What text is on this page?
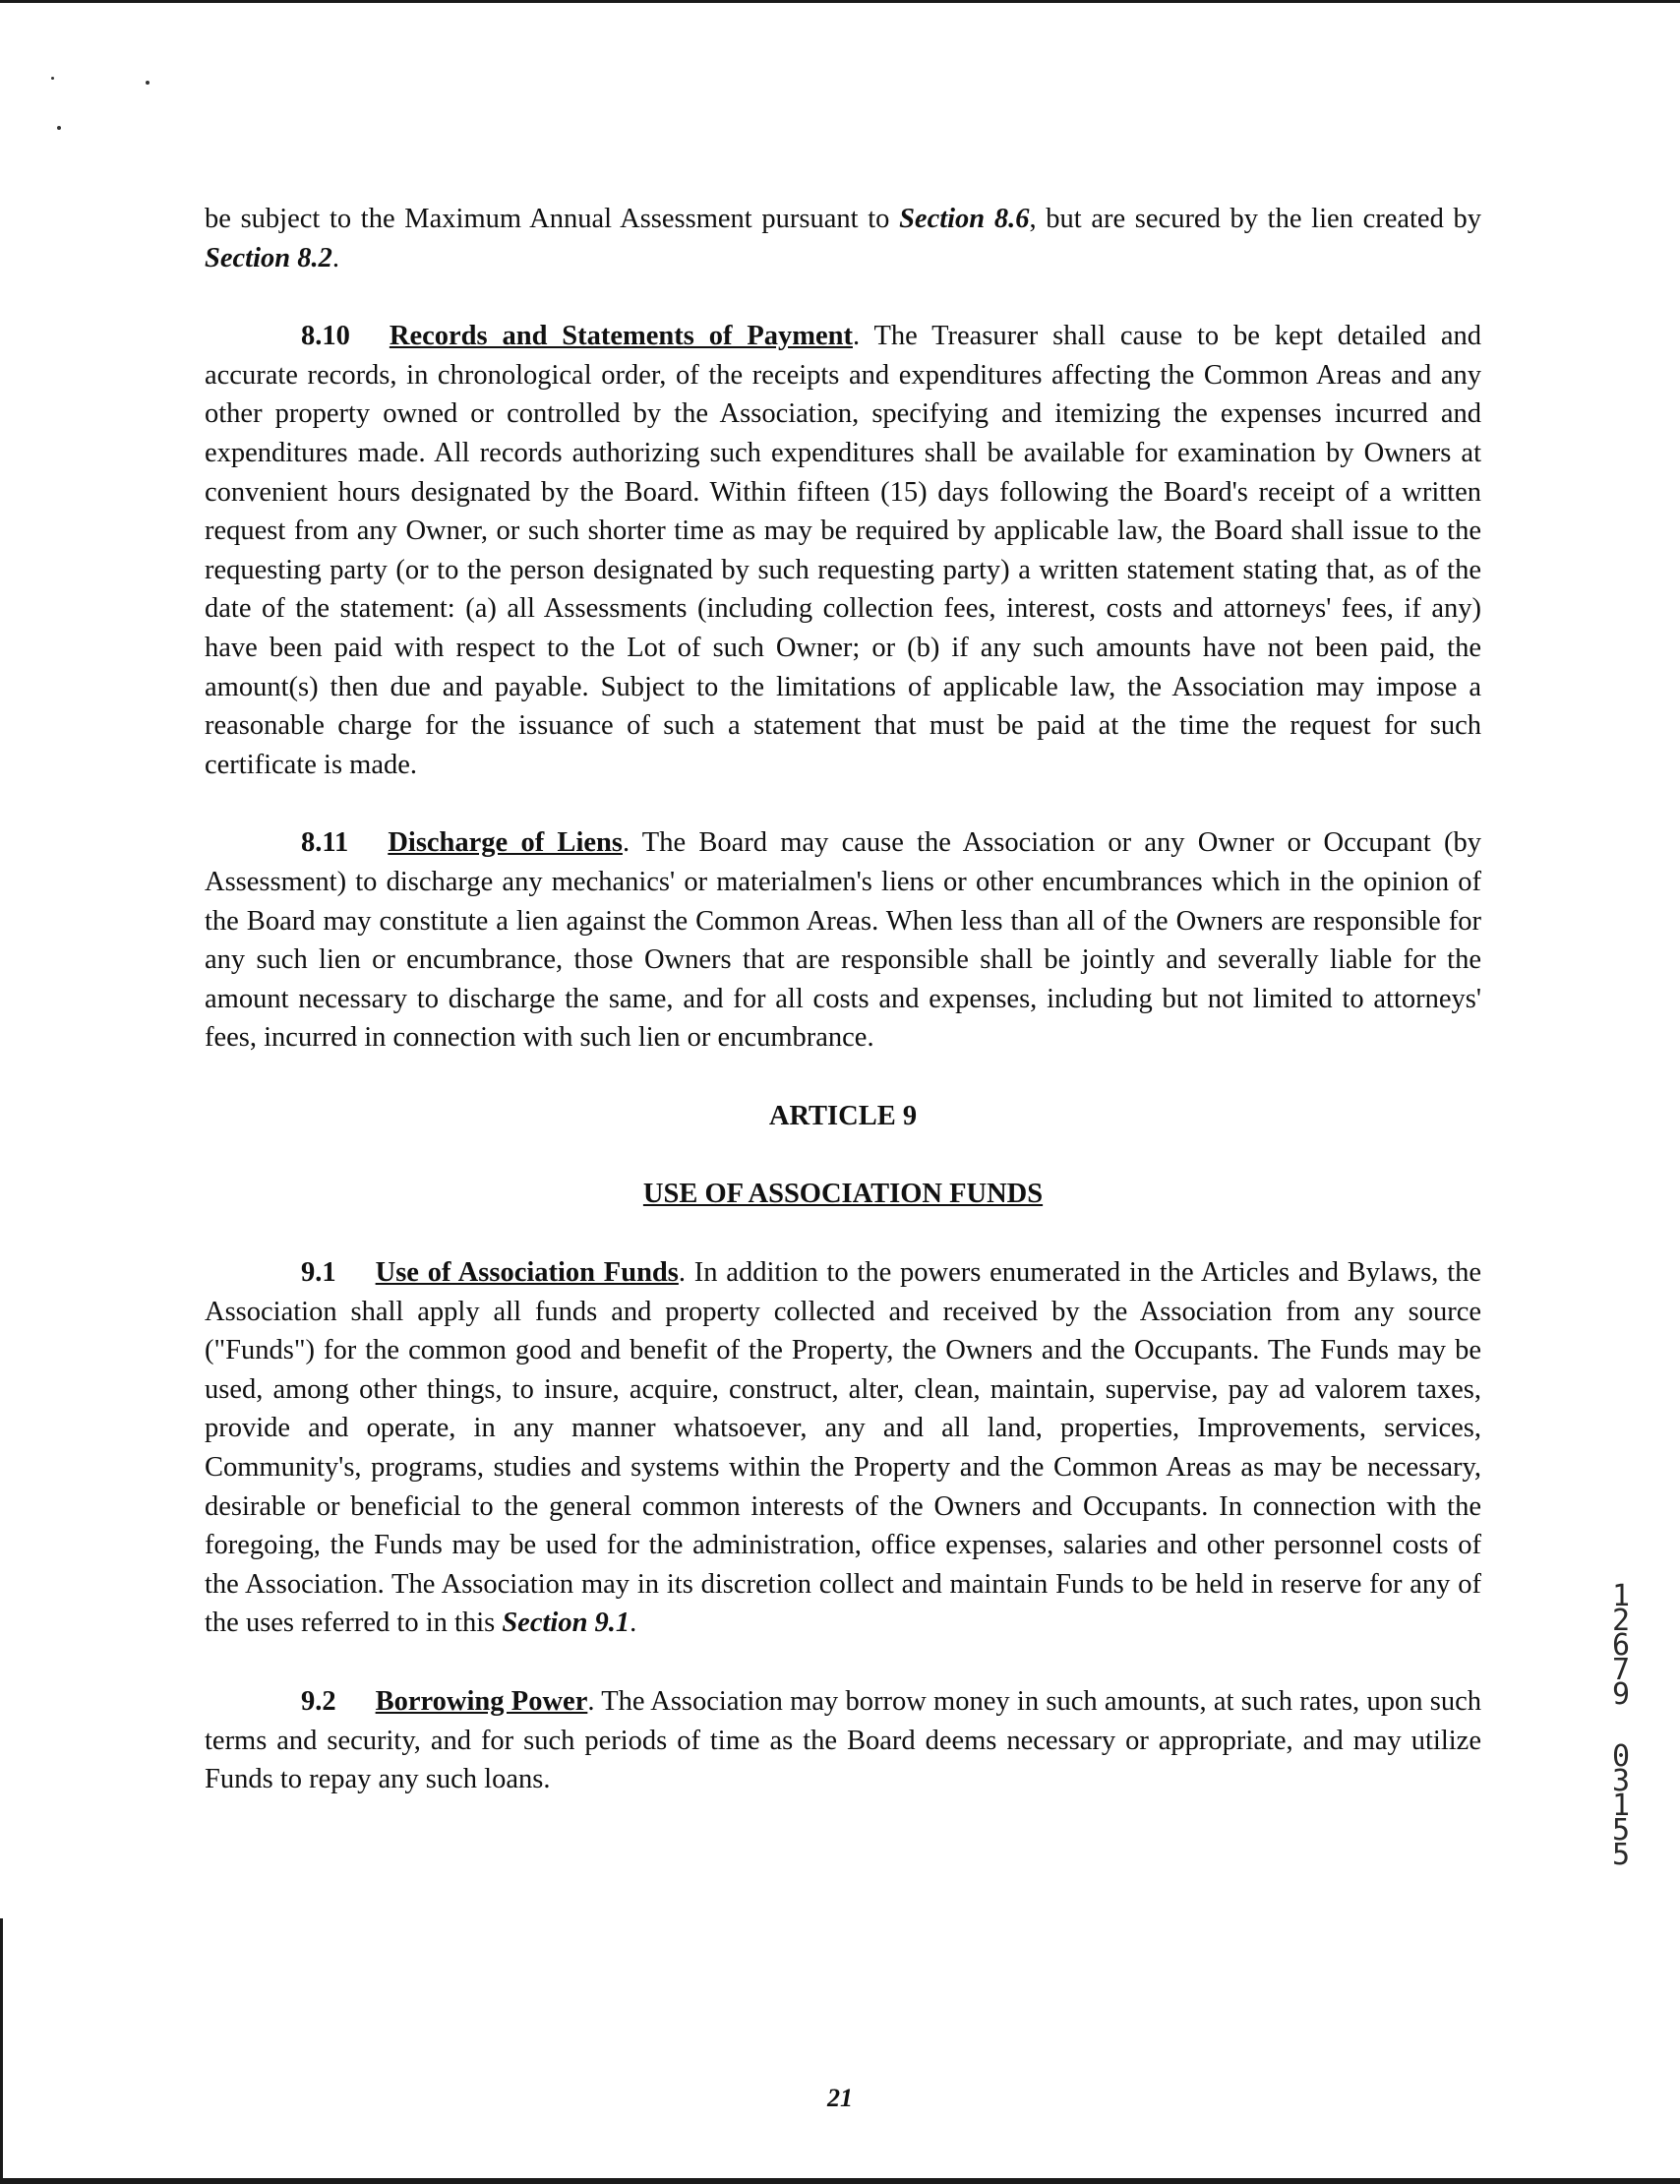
be subject to the Maximum Annual Assessment pursuant to Section 8.6, but are secured by the lien created by Section 8.2.

8.10 Records and Statements of Payment. The Treasurer shall cause to be kept detailed and accurate records, in chronological order, of the receipts and expenditures affecting the Common Areas and any other property owned or controlled by the Association, specifying and itemizing the expenses incurred and expenditures made. All records authorizing such expenditures shall be available for examination by Owners at convenient hours designated by the Board. Within fifteen (15) days following the Board's receipt of a written request from any Owner, or such shorter time as may be required by applicable law, the Board shall issue to the requesting party (or to the person designated by such requesting party) a written statement stating that, as of the date of the statement: (a) all Assessments (including collection fees, interest, costs and attorneys' fees, if any) have been paid with respect to the Lot of such Owner; or (b) if any such amounts have not been paid, the amount(s) then due and payable. Subject to the limitations of applicable law, the Association may impose a reasonable charge for the issuance of such a statement that must be paid at the time the request for such certificate is made.

8.11 Discharge of Liens. The Board may cause the Association or any Owner or Occupant (by Assessment) to discharge any mechanics' or materialmen's liens or other encumbrances which in the opinion of the Board may constitute a lien against the Common Areas. When less than all of the Owners are responsible for any such lien or encumbrance, those Owners that are responsible shall be jointly and severally liable for the amount necessary to discharge the same, and for all costs and expenses, including but not limited to attorneys' fees, incurred in connection with such lien or encumbrance.

ARTICLE 9
USE OF ASSOCIATION FUNDS

9.1 Use of Association Funds. In addition to the powers enumerated in the Articles and Bylaws, the Association shall apply all funds and property collected and received by the Association from any source ("Funds") for the common good and benefit of the Property, the Owners and the Occupants. The Funds may be used, among other things, to insure, acquire, construct, alter, clean, maintain, supervise, pay ad valorem taxes, provide and operate, in any manner whatsoever, any and all land, properties, Improvements, services, Community's, programs, studies and systems within the Property and the Common Areas as may be necessary, desirable or beneficial to the general common interests of the Owners and Occupants. In connection with the foregoing, the Funds may be used for the administration, office expenses, salaries and other personnel costs of the Association. The Association may in its discretion collect and maintain Funds to be held in reserve for any of the uses referred to in this Section 9.1.

9.2 Borrowing Power. The Association may borrow money in such amounts, at such rates, upon such terms and security, and for such periods of time as the Board deems necessary or appropriate, and may utilize Funds to repay any such loans.

21
1
2
6
7
9
0
3
1
5
5
